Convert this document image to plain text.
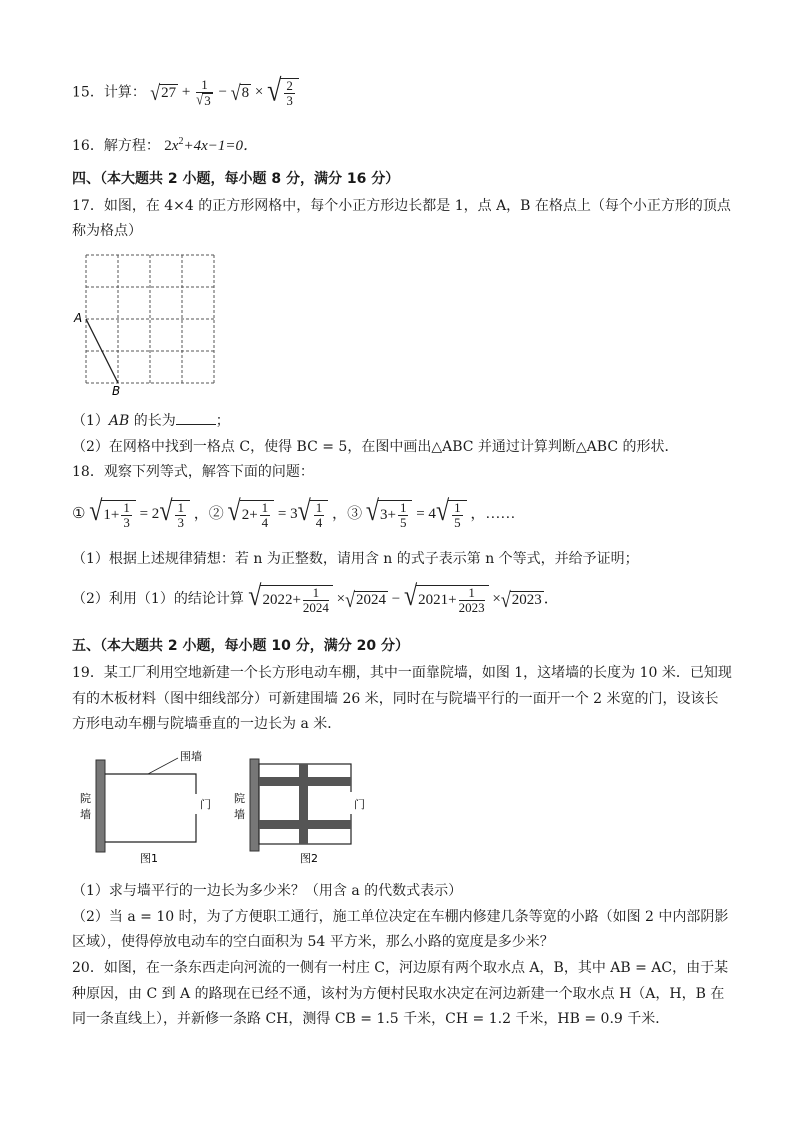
15．计算： √ $27 + \frac{1}{√ 3}$ − √ 8 × √ $\frac{2}{3}$
16．解方程： $2x^2+4x-1=0$．
四、（本大题共 2 小题，每小题 8 分，满分 16 分）
17．如图，在 4×4 的正方形网格中，每个小正方形边长都是 1，点 A，B 在格点上（每个小正方形的顶点
称为格点）
A
B
（1）AB 的长为	；
（2）在网格中找到一格点 C，使得 BC = 5，在图中画出△ABC 并通过计算判断△ABC 的形状．
18．观察下列等式，解答下面的问题：
① √ $1+ \frac{1}{3} = 2$ √ $\frac{1}{3}$ ，② √ $2+ \frac{1}{4} = 3$ √ $\frac{1}{4}$ ，③ √ $3+ \frac{1}{5} = 4$ √ $\frac{1}{5}$ ，……
（1）根据上述规律猜想：若 n 为正整数，请用含 n 的式子表示第 n 个等式，并给予证明；
（2）利用（1）的结论计算 √ $2022+ \frac{1}{2024}$ × √ 2024 − √ $2021+ \frac{1}{2023}$ × √ 2023 ．
五、（本大题共 2 小题，每小题 10 分，满分 20 分）
19．某工厂利用空地新建一个长方形电动车棚，其中一面靠院墙，如图 1，这堵墙的长度为 10 米．已知现
有的木板材料（图中细线部分）可新建围墙 26 米，同时在与院墙平行的一面开一个 2 米宽的门，设该长
方形电动车棚与院墙垂直的一边长为 a 米．
围墙
门
院
墙
图1
门
院
墙
图2
（1）求与墙平行的一边长为多少米？（用含 a 的代数式表示）
（2）当 a = 10 时，为了方便职工通行，施工单位决定在车棚内修建几条等宽的小路（如图 2 中内部阴影
区域），使得停放电动车的空白面积为 54 平方米，那么小路的宽度是多少米？
20．如图，在一条东西走向河流的一侧有一村庄 C，河边原有两个取水点 A，B，其中 AB = AC，由于某
种原因，由 C 到 A 的路现在已经不通，该村为方便村民取水决定在河边新建一个取水点 H（A，H，B 在
同一条直线上），并新修一条路 CH，测得 CB = 1.5 千米，CH = 1.2 千米，HB = 0.9 千米．
